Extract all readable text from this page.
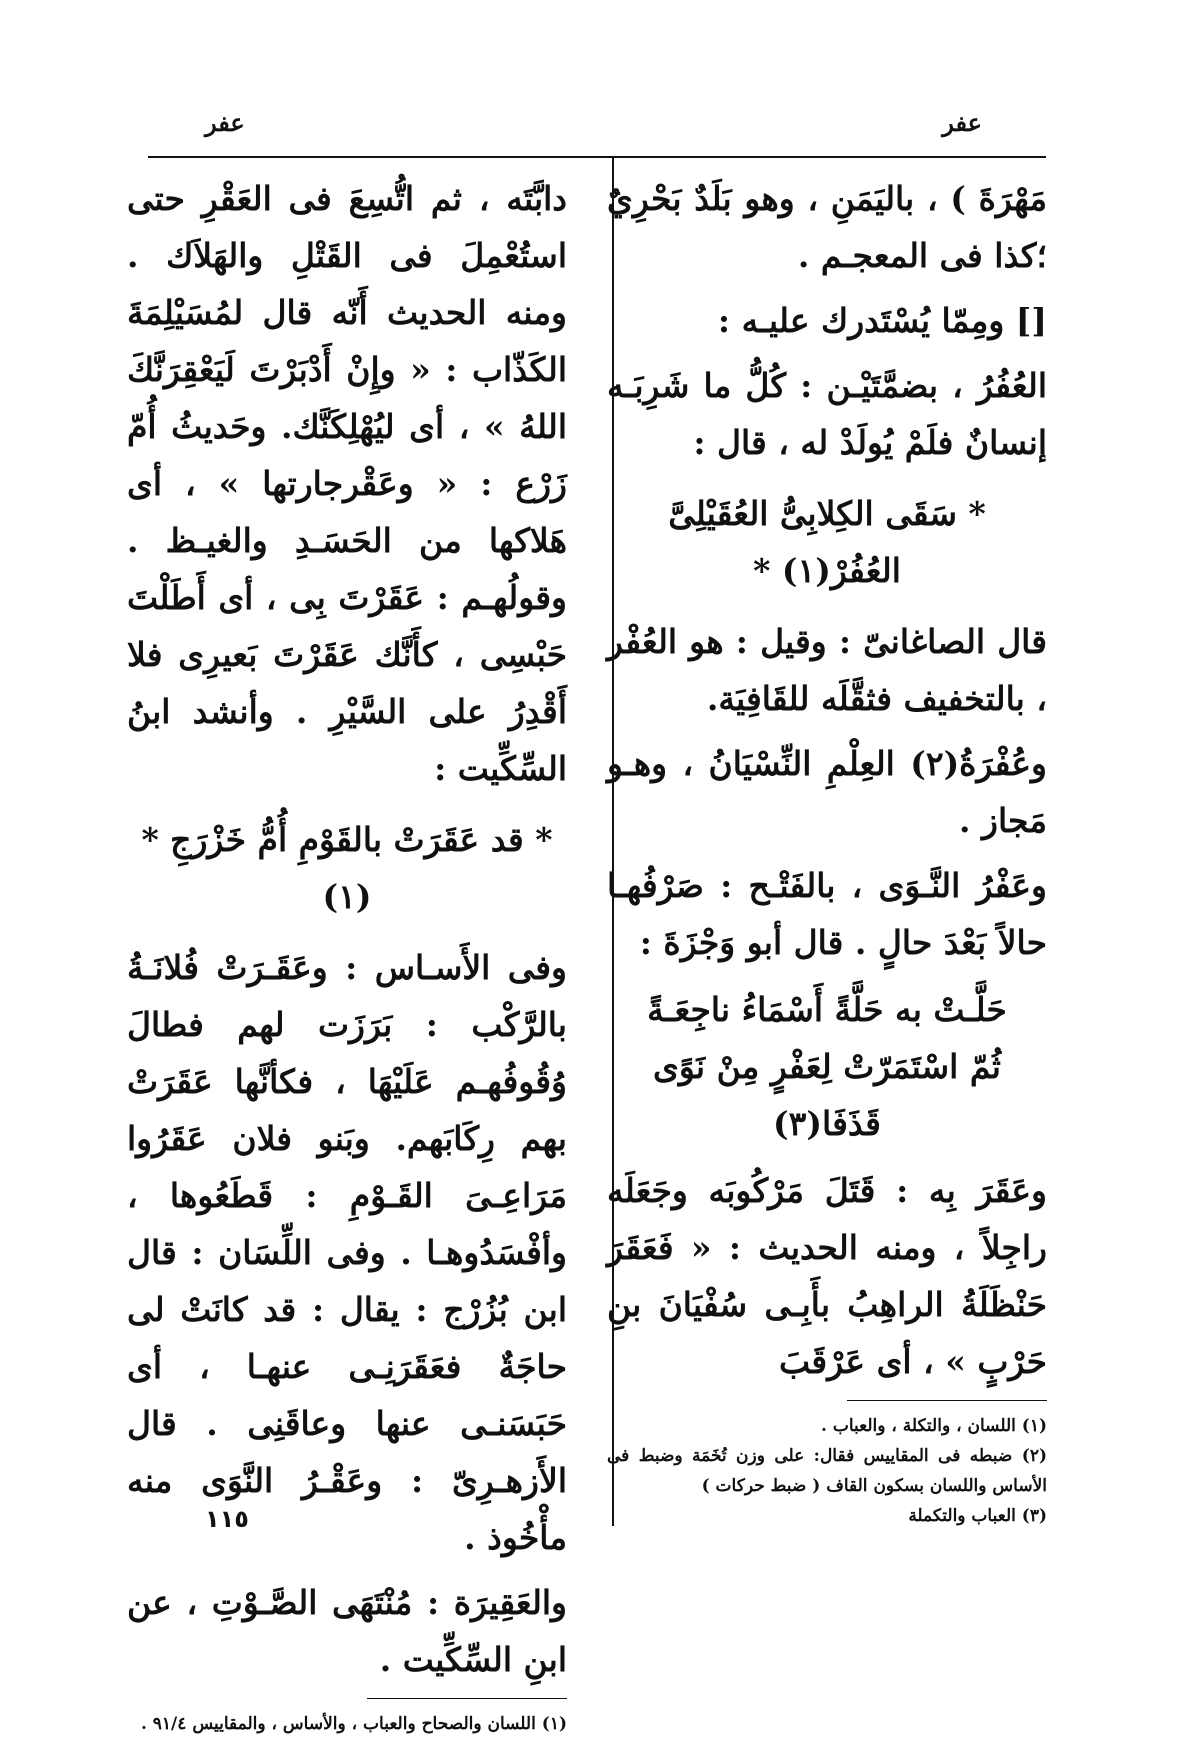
عفر
عفر

مَهْرَةَ ) ، باليَمَنِ ، وهو بَلَدٌ بَحْرِيٌ ؛كذا فى المعجـم .

[] ومِمّا يُسْتَدرك عليـه :

العُفُرُ ، بضمَّتَيْـن : كُلُّ ما شَرِبَـه إنسانٌ فلَمْ يُولَدْ له ، قال :

* سَقَى الكِلابِىُّ العُقَيْلِىَّ العُفُرْ(١) *

قال الصاغانىّ : وقيل : هو العُفْر ، بالتخفيف فثقَّلَه للقَافِيَة.

وعُفْرَةُ(٢) العِلْمِ النِّسْيَانُ ، وهـو مَجاز .

وعَفْرُ النَّـوَى ، بالفَتْـح : صَرْفُهـا حالاً بَعْدَ حالٍ . قال أبو وَجْزَةَ :

حَلَّـتْ به حَلَّةً أَسْمَاءُ ناجِعَـةً
ثُمّ اسْتَمَرّتْ لِعَفْرٍ مِنْ نَوًى قَذَفَا(٣)

وعَقَرَ بِه : قَتَلَ مَرْكُوبَه وجَعَلَه راجِلاً ، ومنه الحديث : « فَعَقَرَ حَنْظَلَةُ الراهِبُ بأَبِـى سُفْيَانَ بنِ حَرْبٍ » ، أى عَرْقَبَ

(١) اللسان ، والتكلة ، والعباب .
(٢) ضبطه فى المقاييس فقال: على وزن تُخَمَة وضبط فى الأساس واللسان بسكون القاف ( ضبط حركات )
(٣) العباب والتكملة

دابَّتَه ، ثم اتُّسِعَ فى العَقْرِ حتى استُعْمِلَ فى القَتْلِ والهَلاَك . ومنه الحديث أَنّه قال لمُسَيْلِمَةَ الكَذّاب : « وإِنْ أَدْبَرْتَ لَيَعْقِرَنَّكَ اللهُ » ، أى ليُهْلِكَنَّك. وحَديثُ أُمّ زَرْع : « وعَقْرجارتها » ، أى هَلاكها من الحَسَـدِ والغيـظ . وقولُهـم : عَقَرْتَ بِى ، أى أَطَلْتَ حَبْسِى ، كأَنَّك عَقَرْتَ بَعيرِى فلا أَقْدِرُ على السَّيْرِ . وأنشد ابنُ السِّكِّيت :

* قد عَقَرَتْ بالقَوْمِ أُمُّ خَزْرَجِ *(١)

وفى الأَسـاس : وعَقَـرَتْ فُلانَـةُ بالرَّكْب : بَرَزَت لهم فطالَ وُقُوفُهـم عَلَيْهَا ، فكأنَّها عَقَرَتْ بهم رِكَابَهم. وبَنو فلان عَقَرُوا مَرَاعِـىَ القَـوْمِ : قَطَعُوها ، وأفْسَدُوهـا . وفى اللِّسَان : قال ابن بُزُرْج : يقال : قد كانَتْ لى حاجَةٌ فعَقَرَنِـى عنهـا ، أى حَبَسَنـى عنها وعاقَنِى . قال الأَزهـرِىّ : وعَقْـرُ النَّوَى منه مأْخُوذ .

والعَقِيرَة : مُنْتَهَى الصَّـوْتِ ، عن ابنِ السِّكِّيت .

(١) اللسان والصحاح والعباب ، والأساس ، والمقاييس ٩١/٤ .
١١٥
